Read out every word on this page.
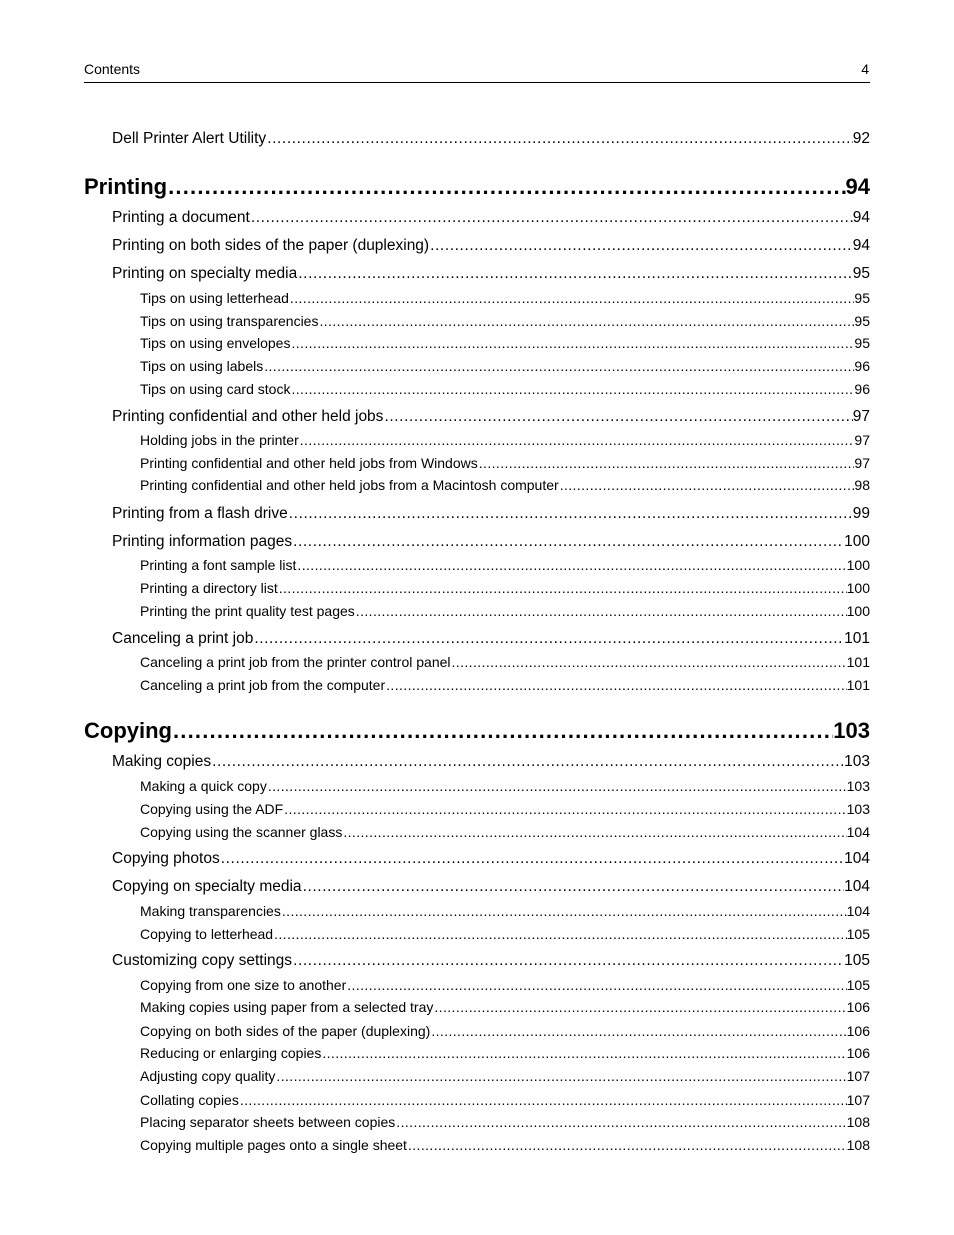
Contents	4
Dell Printer Alert Utility .....	92
Printing .....	94
Printing a document .....	94
Printing on both sides of the paper (duplexing) .....	94
Printing on specialty media .....	95
Tips on using letterhead .....	95
Tips on using transparencies .....	95
Tips on using envelopes .....	95
Tips on using labels .....	96
Tips on using card stock .....	96
Printing confidential and other held jobs .....	97
Holding jobs in the printer .....	97
Printing confidential and other held jobs from Windows .....	97
Printing confidential and other held jobs from a Macintosh computer .....	98
Printing from a flash drive .....	99
Printing information pages .....	100
Printing a font sample list .....	100
Printing a directory list .....	100
Printing the print quality test pages .....	100
Canceling a print job .....	101
Canceling a print job from the printer control panel .....	101
Canceling a print job from the computer .....	101
Copying .....	103
Making copies .....	103
Making a quick copy .....	103
Copying using the ADF .....	103
Copying using the scanner glass .....	104
Copying photos .....	104
Copying on specialty media .....	104
Making transparencies .....	104
Copying to letterhead .....	105
Customizing copy settings .....	105
Copying from one size to another .....	105
Making copies using paper from a selected tray .....	106
Copying on both sides of the paper (duplexing) .....	106
Reducing or enlarging copies .....	106
Adjusting copy quality .....	107
Collating copies .....	107
Placing separator sheets between copies .....	108
Copying multiple pages onto a single sheet .....	108
